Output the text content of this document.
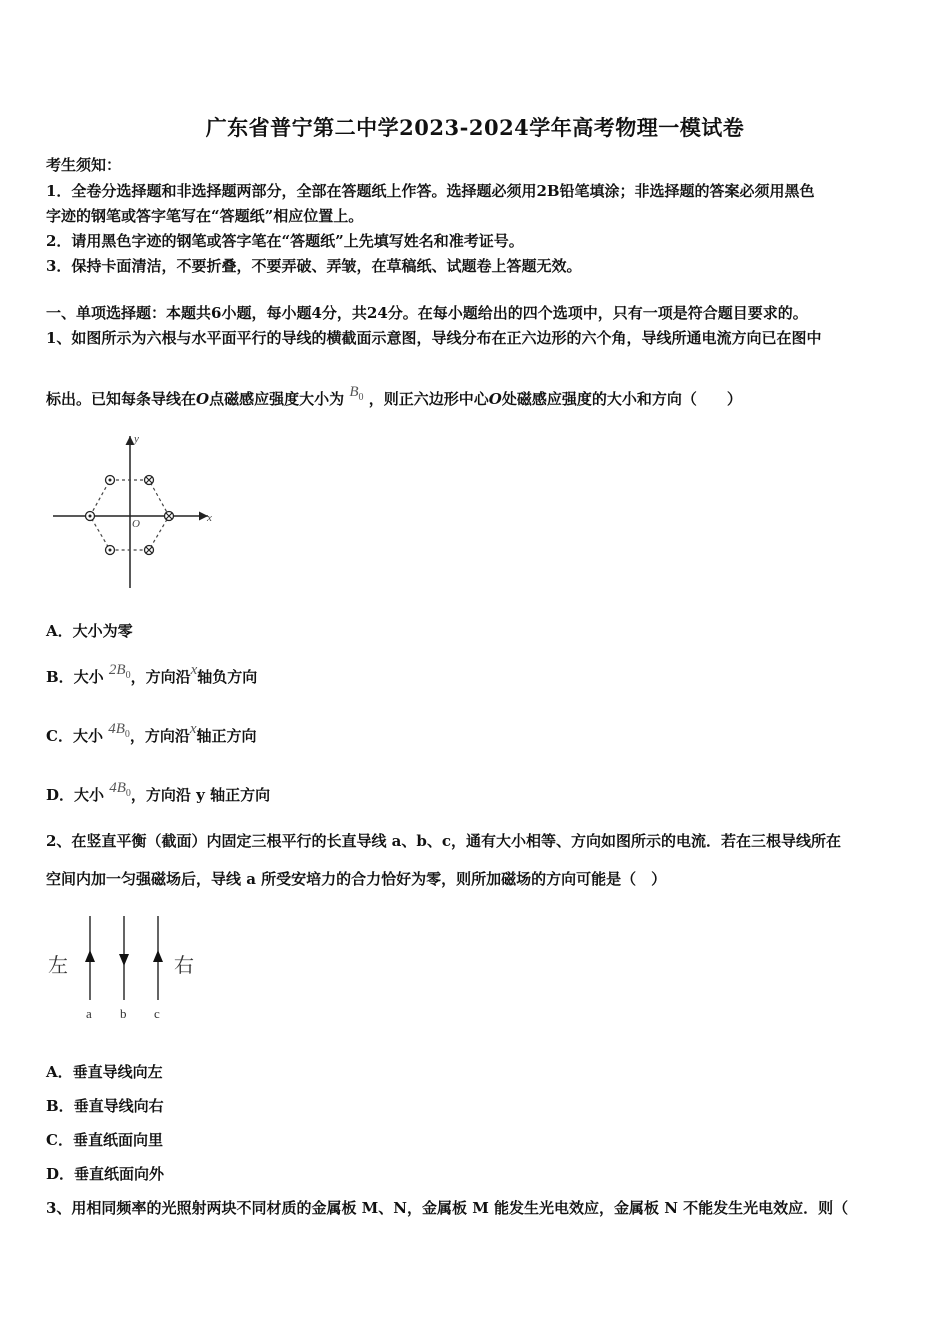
广东省普宁第二中学2023-2024学年高考物理一模试卷
考生须知：
1．全卷分选择题和非选择题两部分，全部在答题纸上作答。选择题必须用2B铅笔填涂；非选择题的答案必须用黑色
字迹的钢笔或答字笔写在“答题纸”相应位置上。
2．请用黑色字迹的钢笔或答字笔在“答题纸”上先填写姓名和准考证号。
3．保持卡面清洁，不要折叠，不要弄破、弄皱，在草稿纸、试题卷上答题无效。
一、单项选择题：本题共6小题，每小题4分，共24分。在每小题给出的四个选项中，只有一项是符合题目要求的。
1、如图所示为六根与水平面平行的导线的横截面示意图，导线分布在正六边形的六个角，导线所通电流方向已在图中
标出。已知每条导线在O点磁感应强度大小为 $B_0$ ，则正六边形中心O处磁感应强度的大小和方向（　　）
y
x
O
A．大小为零
B．大小 $2B_0$，方向沿x轴负方向
C．大小 $4B_0$，方向沿x轴正方向
D．大小 $4B_0$，方向沿 y 轴正方向
2、在竖直平衡（截面）内固定三根平行的长直导线 a、b、c，通有大小相等、方向如图所示的电流．若在三根导线所在
空间内加一匀强磁场后，导线 a 所受安培力的合力恰好为零，则所加磁场的方向可能是（　）
左	右
a b c
A．垂直导线向左
B．垂直导线向右
C．垂直纸面向里
D．垂直纸面向外
3、用相同频率的光照射两块不同材质的金属板 M、N，金属板 M 能发生光电效应，金属板 N 不能发生光电效应．则（
